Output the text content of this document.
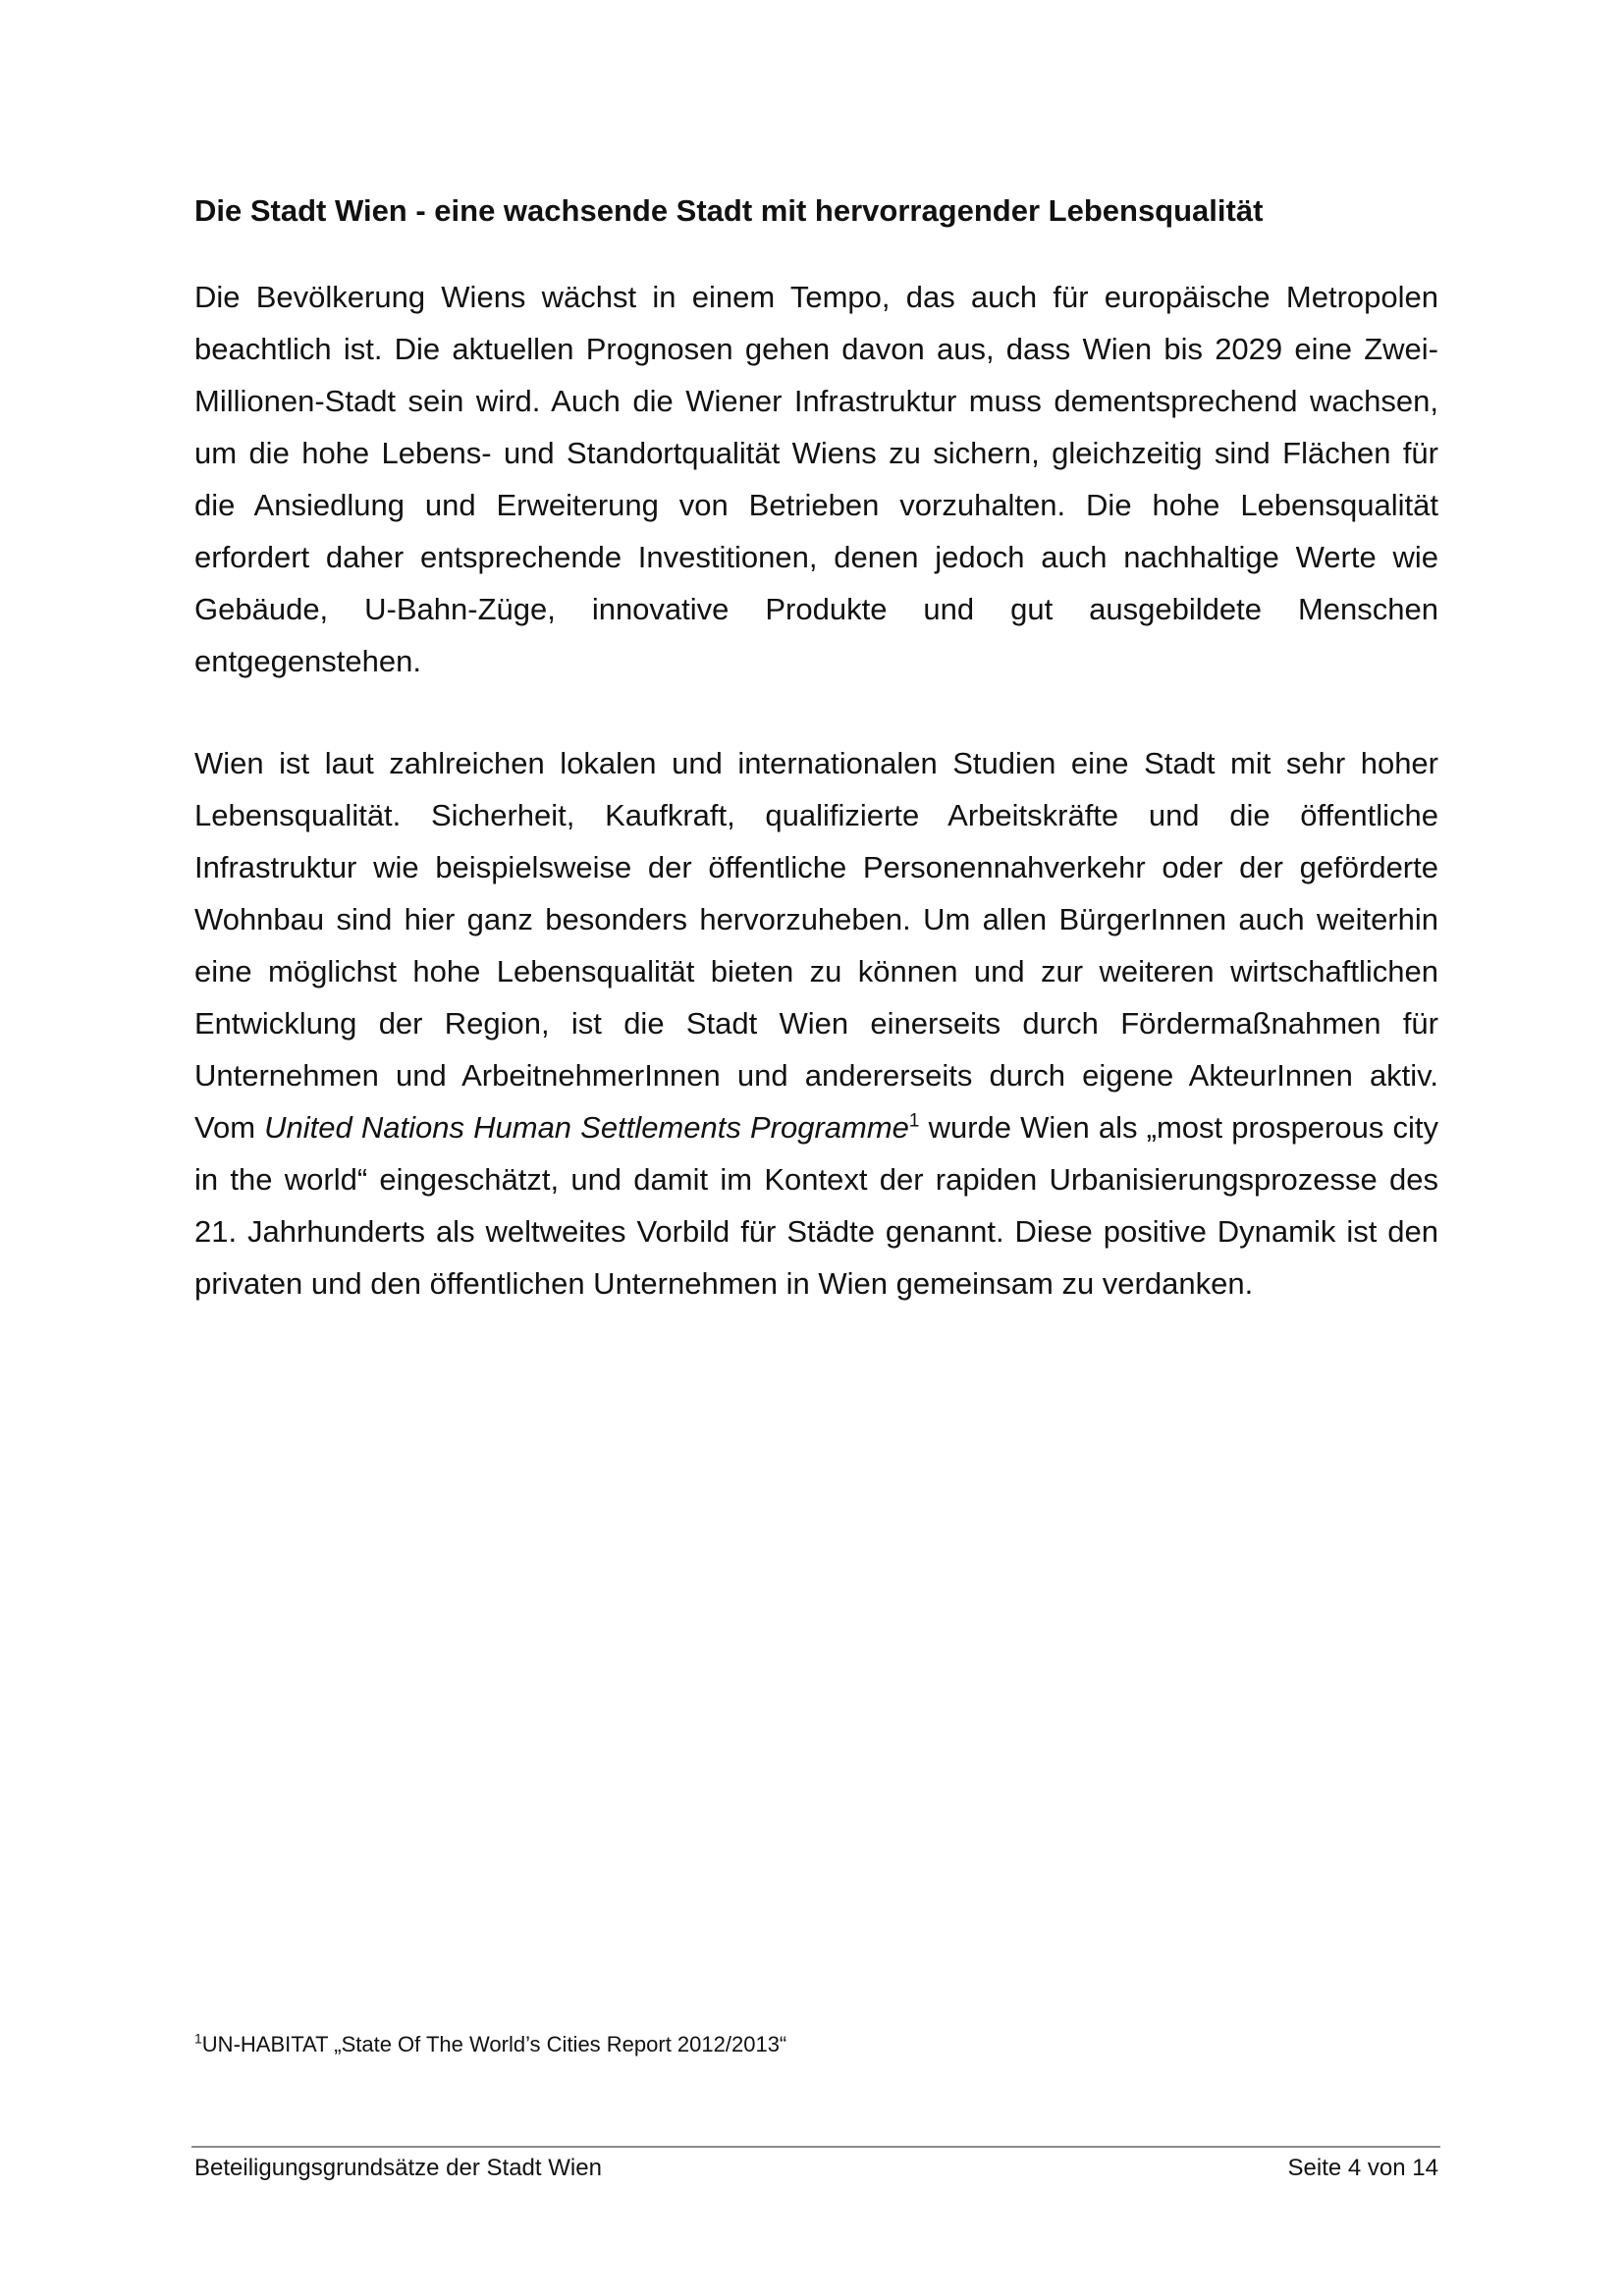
Die Stadt Wien - eine wachsende Stadt mit hervorragender Lebensqualität

Die Bevölkerung Wiens wächst in einem Tempo, das auch für europäische Metropolen beachtlich ist. Die aktuellen Prognosen gehen davon aus, dass Wien bis 2029 eine Zwei-Millionen-Stadt sein wird. Auch die Wiener Infrastruktur muss dementsprechend wachsen, um die hohe Lebens- und Standortqualität Wiens zu sichern, gleichzeitig sind Flächen für die Ansiedlung und Erweiterung von Betrieben vorzuhalten. Die hohe Lebensqualität erfordert daher entsprechende Investitionen, denen jedoch auch nachhaltige Werte wie Gebäude, U-Bahn-Züge, innovative Produkte und gut ausgebildete Menschen entgegenstehen.

Wien ist laut zahlreichen lokalen und internationalen Studien eine Stadt mit sehr hoher Lebensqualität. Sicherheit, Kaufkraft, qualifizierte Arbeitskräfte und die öffentliche Infrastruktur wie beispielsweise der öffentliche Personennahverkehr oder der geförderte Wohnbau sind hier ganz besonders hervorzuheben. Um allen BürgerInnen auch weiterhin eine möglichst hohe Lebensqualität bieten zu können und zur weiteren wirtschaftlichen Entwicklung der Region, ist die Stadt Wien einerseits durch Fördermaßnahmen für Unternehmen und ArbeitnehmerInnen und andererseits durch eigene AkteurInnen aktiv. Vom United Nations Human Settlements Programme$^1$ wurde Wien als „most prosperous city in the world“ eingeschätzt, und damit im Kontext der rapiden Urbanisierungsprozesse des 21. Jahrhunderts als weltweites Vorbild für Städte genannt. Diese positive Dynamik ist den privaten und den öffentlichen Unternehmen in Wien gemeinsam zu verdanken.

$^1$UN-HABITAT „State Of The World’s Cities Report 2012/2013“

Beteiligungsgrundsätze der Stadt Wien	Seite 4 von 14
